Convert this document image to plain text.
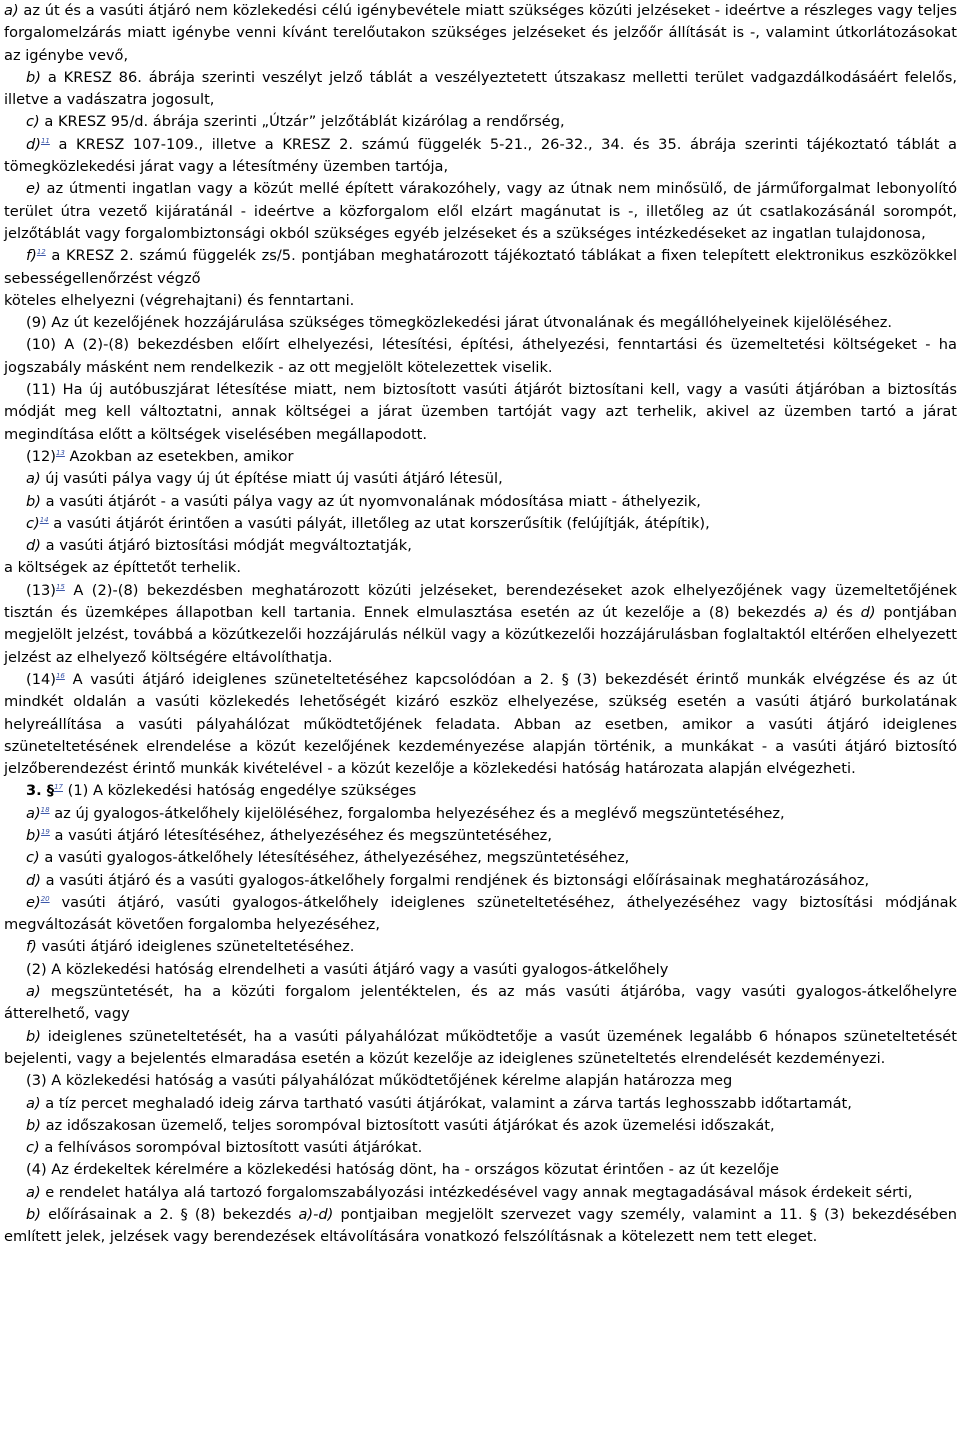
a) az út és a vasúti átjáró nem közlekedési célú igénybevétele miatt szükséges közúti jelzéseket - ideértve a részleges vagy teljes forgalomelzárás miatt igénybe venni kívánt terelőutakon szükséges jelzéseket és jelzőőr állítását is -, valamint útkorlátozásokat az igénybe vevő,

b) a KRESZ 86. ábrája szerinti veszélyt jelző táblát a veszélyeztetett útszakasz melletti terület vadgazdálkodásáért felelős, illetve a vadászatra jogosult,

c) a KRESZ 95/d. ábrája szerinti „Útzár” jelzőtáblát kizárólag a rendőrség,

d)$^{11}$ a KRESZ 107-109., illetve a KRESZ 2. számú függelék 5-21., 26-32., 34. és 35. ábrája szerinti tájékoztató táblát a tömegközlekedési járat vagy a létesítmény üzemben tartója,

e) az útmenti ingatlan vagy a közút mellé épített várakozóhely, vagy az útnak nem minősülő, de járműforgalmat lebonyolító terület útra vezető kijáratánál - ideértve a közforgalom elől elzárt magánutat is -, illetőleg az út csatlakozásánál sorompót, jelzőtáblát vagy forgalombiztonsági okból szükséges egyéb jelzéseket és a szükséges intézkedéseket az ingatlan tulajdonosa,

f)$^{12}$ a KRESZ 2. számú függelék zs/5. pontjában meghatározott tájékoztató táblákat a fixen telepített elektronikus eszközökkel sebességellenőrzést végző

köteles elhelyezni (végrehajtani) és fenntartani.

(9) Az út kezelőjének hozzájárulása szükséges tömegközlekedési járat útvonalának és megállóhelyeinek kijelöléséhez.

(10) A (2)-(8) bekezdésben előírt elhelyezési, létesítési, építési, áthelyezési, fenntartási és üzemeltetési költségeket - ha jogszabály másként nem rendelkezik - az ott megjelölt kötelezettek viselik.

(11) Ha új autóbuszjárat létesítése miatt, nem biztosított vasúti átjárót biztosítani kell, vagy a vasúti átjáróban a biztosítás módját meg kell változtatni, annak költségei a járat üzemben tartóját vagy azt terhelik, akivel az üzemben tartó a járat megindítása előtt a költségek viselésében megállapodott.

(12)$^{13}$ Azokban az esetekben, amikor

a) új vasúti pálya vagy új út építése miatt új vasúti átjáró létesül,

b) a vasúti átjárót - a vasúti pálya vagy az út nyomvonalának módosítása miatt - áthelyezik,

c)$^{14}$ a vasúti átjárót érintően a vasúti pályát, illetőleg az utat korszerűsítik (felújítják, átépítik),

d) a vasúti átjáró biztosítási módját megváltoztatják,

a költségek az építtetőt terhelik.

(13)$^{15}$ A (2)-(8) bekezdésben meghatározott közúti jelzéseket, berendezéseket azok elhelyezőjének vagy üzemeltetőjének tisztán és üzemképes állapotban kell tartania. Ennek elmulasztása esetén az út kezelője a (8) bekezdés a) és d) pontjában megjelölt jelzést, továbbá a közútkezelői hozzájárulás nélkül vagy a közútkezelői hozzájárulásban foglaltaktól eltérően elhelyezett jelzést az elhelyező költségére eltávolíthatja.

(14)$^{16}$ A vasúti átjáró ideiglenes szüneteltetéséhez kapcsolódóan a 2. § (3) bekezdését érintő munkák elvégzése és az út mindkét oldalán a vasúti közlekedés lehetőségét kizáró eszköz elhelyezése, szükség esetén a vasúti átjáró burkolatának helyreállítása a vasúti pályahálózat működtetőjének feladata. Abban az esetben, amikor a vasúti átjáró ideiglenes szüneteltetésének elrendelése a közút kezelőjének kezdeményezése alapján történik, a munkákat - a vasúti átjáró biztosító jelzőberendezést érintő munkák kivételével - a közút kezelője a közlekedési hatóság határozata alapján elvégezheti.

3. §$^{17}$ (1) A közlekedési hatóság engedélye szükséges

a)$^{18}$ az új gyalogos-átkelőhely kijelöléséhez, forgalomba helyezéséhez és a meglévő megszüntetéséhez,

b)$^{19}$ a vasúti átjáró létesítéséhez, áthelyezéséhez és megszüntetéséhez,

c) a vasúti gyalogos-átkelőhely létesítéséhez, áthelyezéséhez, megszüntetéséhez,

d) a vasúti átjáró és a vasúti gyalogos-átkelőhely forgalmi rendjének és biztonsági előírásainak meghatározásához,

e)$^{20}$ vasúti átjáró, vasúti gyalogos-átkelőhely ideiglenes szüneteltetéséhez, áthelyezéséhez vagy biztosítási módjának megváltozását követően forgalomba helyezéséhez,

f) vasúti átjáró ideiglenes szüneteltetéséhez.

(2) A közlekedési hatóság elrendelheti a vasúti átjáró vagy a vasúti gyalogos-átkelőhely

a) megszüntetését, ha a közúti forgalom jelentéktelen, és az más vasúti átjáróba, vagy vasúti gyalogos-átkelőhelyre átterelhető, vagy

b) ideiglenes szüneteltetését, ha a vasúti pályahálózat működtetője a vasút üzemének legalább 6 hónapos szüneteltetését bejelenti, vagy a bejelentés elmaradása esetén a közút kezelője az ideiglenes szüneteltetés elrendelését kezdeményezi.

(3) A közlekedési hatóság a vasúti pályahálózat működtetőjének kérelme alapján határozza meg

a) a tíz percet meghaladó ideig zárva tartható vasúti átjárókat, valamint a zárva tartás leghosszabb időtartamát,

b) az időszakosan üzemelő, teljes sorompóval biztosított vasúti átjárókat és azok üzemelési időszakát,

c) a felhívásos sorompóval biztosított vasúti átjárókat.

(4) Az érdekeltek kérelmére a közlekedési hatóság dönt, ha - országos közutat érintően - az út kezelője

a) e rendelet hatálya alá tartozó forgalomszabályozási intézkedésével vagy annak megtagadásával mások érdekeit sérti,

b) előírásainak a 2. § (8) bekezdés a)-d) pontjaiban megjelölt szervezet vagy személy, valamint a 11. § (3) bekezdésében említett jelek, jelzések vagy berendezések eltávolítására vonatkozó felszólításnak a kötelezett nem tett eleget.
